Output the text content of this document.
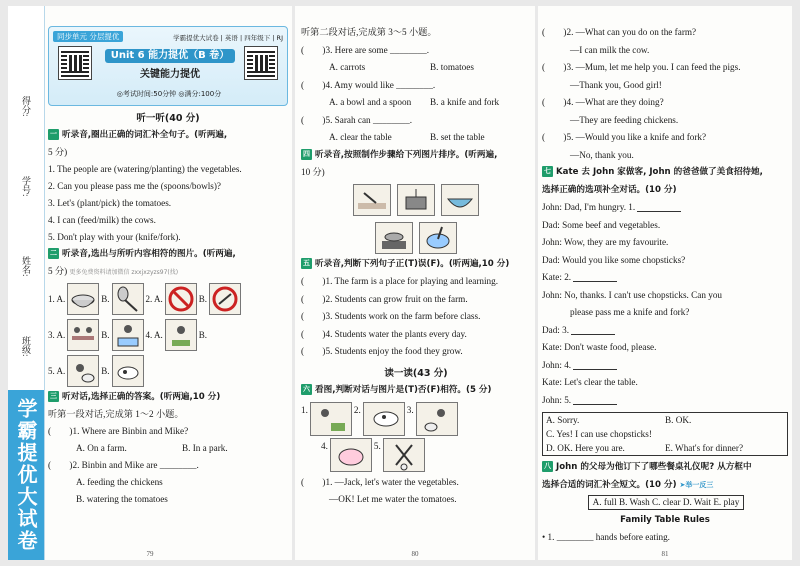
得分:
学号:
姓名:
班级:
学霸提优大试卷
同步单元 分层提优	学霸提优大试卷 | 英语 | 四年级下 | RJ
Unit 6 能力提优（B 卷）
关键能力提优
◎考试时间:50分钟 ◎满分:100分
听一听(40 分)
一 听录音,圈出正确的词汇补全句子。(听两遍,
5 分)
1. The people are (watering/planting) the vegetables.
2. Can you please pass me the (spoons/bowls)?
3. Let's (plant/pick) the tomatoes.
4. I can (feed/milk) the cows.
5. Don't play with your (knife/fork).
二 听录音,选出与所听内容相符的图片。(听两遍,
5 分) 更多免费资料请加微信 zxxjxzyzs97(找)
1. A.	B.	2. A.	B.
3. A.	B.	4. A.	B.
5. A.	B.
三 听对话,选择正确的答案。(听两遍,10 分)
听第一段对话,完成第 1～2 小题。
(　　)1. Where are Binbin and Mike?
A. On a farm.	B. In a park.
(　　)2. Binbin and Mike are ________.
A. feeding the chickens
B. watering the tomatoes
79
听第二段对话,完成第 3～5 小题。
(　　)3. Here are some ________.
A. carrots	B. tomatoes
(　　)4. Amy would like ________.
A. a bowl and a spoon	B. a knife and fork
(　　)5. Sarah can ________.
A. clear the table	B. set the table
四 听录音,按照制作步骤给下列图片排序。(听两遍,
10 分)
五 听录音,判断下列句子正(T)误(F)。(听两遍,10 分)
(　　)1. The farm is a place for playing and learning.
(　　)2. Students can grow fruit on the farm.
(　　)3. Students work on the farm before class.
(　　)4. Students water the plants every day.
(　　)5. Students enjoy the food they grow.
读一读(43 分)
六 看图,判断对话与图片是(T)否(F)相符。(5 分)
1.	2.	3.
4.	5.
(　　)1. —Jack, let's water the vegetables.
—OK! Let me water the tomatoes.
80
(　　)2. —What can you do on the farm?
—I can milk the cow.
(　　)3. —Mum, let me help you. I can feed the pigs.
—Thank you, Good girl!
(　　)4. —What are they doing?
—They are feeding chickens.
(　　)5. —Would you like a knife and fork?
—No, thank you.
七 Kate 去 John 家做客, John 的爸爸做了美食招待她,
选择正确的选项补全对话。(10 分)
John: Dad, I'm hungry. 1.
Dad: Some beef and vegetables.
John: Wow, they are my favourite.
Dad: Would you like some chopsticks?
Kate: 2.
John: No, thanks. I can't use chopsticks. Can you
please pass me a knife and fork?
Dad: 3.
Kate: Don't waste food, please.
John: 4.
Kate: Let's clear the table.
John: 5.
A. Sorry.	B. OK.
C. Yes! I can use chopsticks!
D. OK. Here you are.	E. What's for dinner?
八 John 的父母为他订下了哪些餐桌礼仪呢? 从方框中
选择合适的词汇补全短文。(10 分) ➤举一反三
A. full B. Wash C. clear D. Wait E. play
Family Table Rules
• 1. ________ hands before eating.
81
